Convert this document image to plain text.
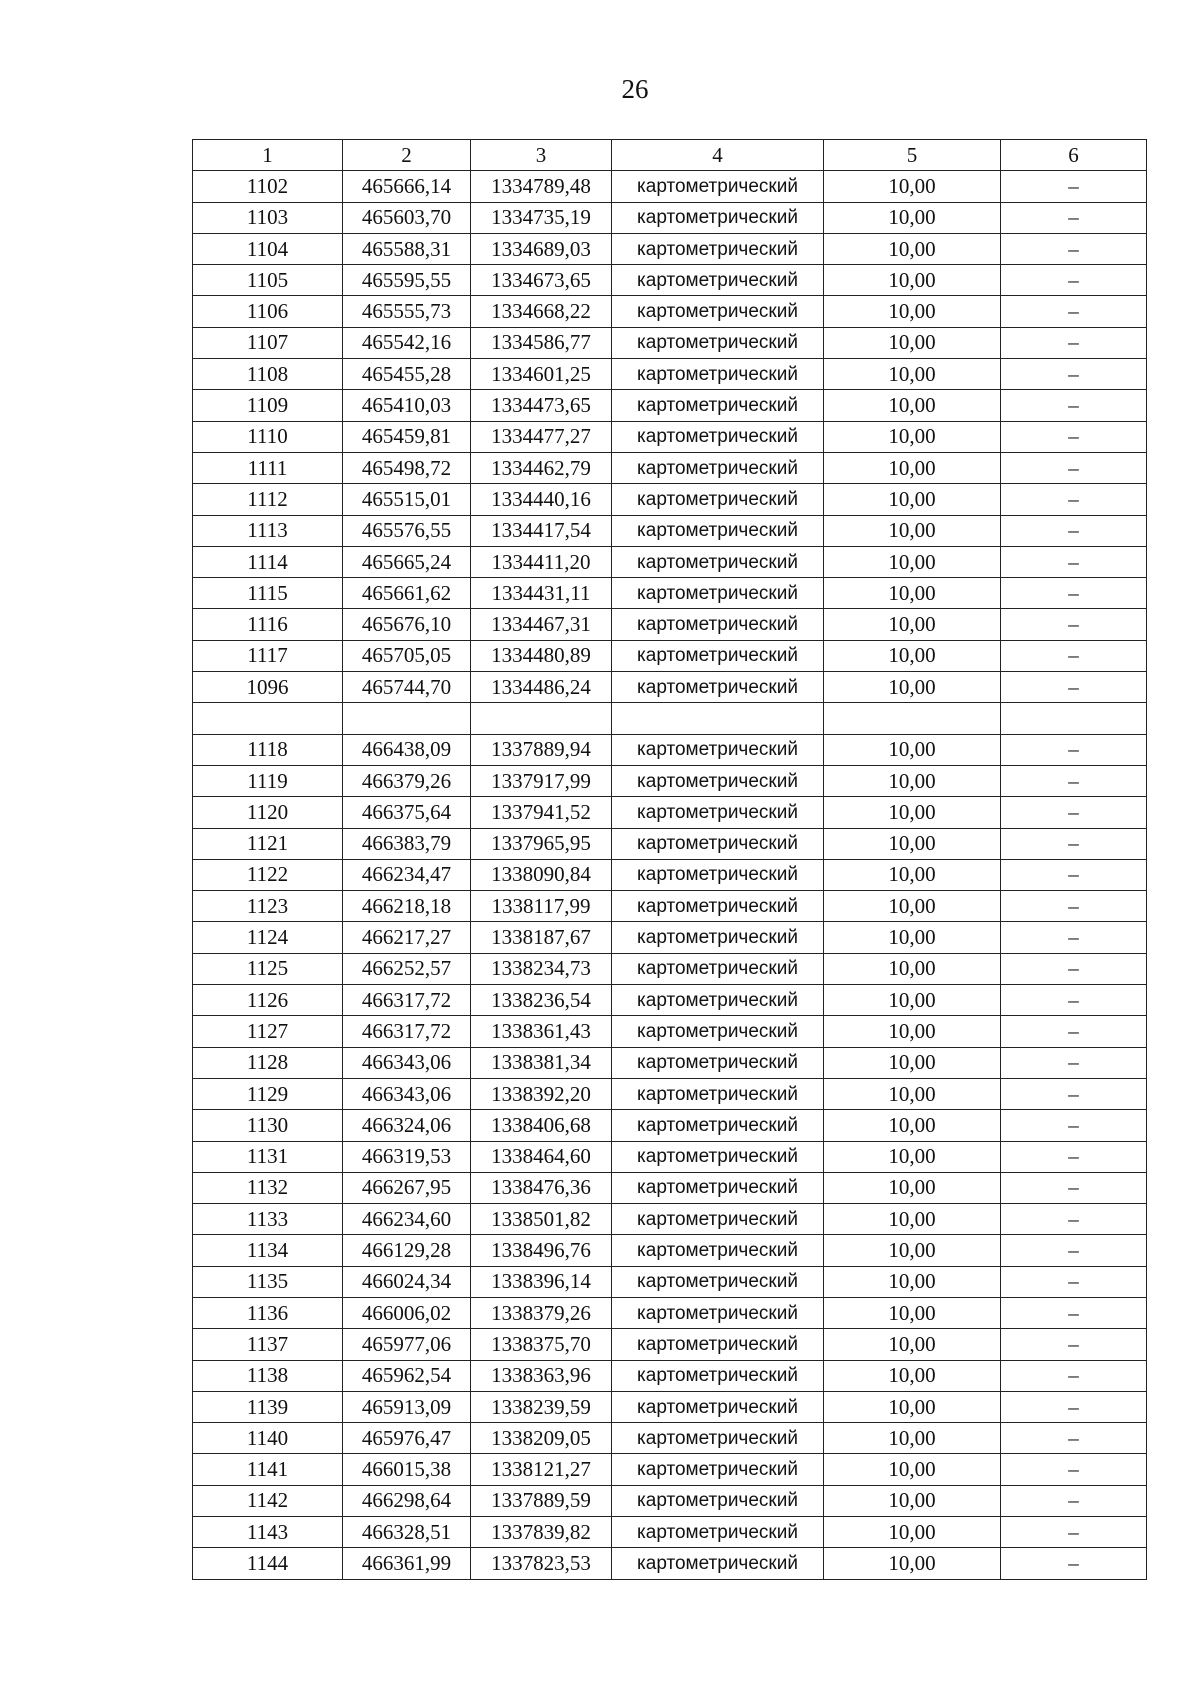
26
1	2	3	4	5	6
1102	465666,14	1334789,48	картометрический	10,00	–
1103	465603,70	1334735,19	картометрический	10,00	–
1104	465588,31	1334689,03	картометрический	10,00	–
1105	465595,55	1334673,65	картометрический	10,00	–
1106	465555,73	1334668,22	картометрический	10,00	–
1107	465542,16	1334586,77	картометрический	10,00	–
1108	465455,28	1334601,25	картометрический	10,00	–
1109	465410,03	1334473,65	картометрический	10,00	–
1110	465459,81	1334477,27	картометрический	10,00	–
1111	465498,72	1334462,79	картометрический	10,00	–
1112	465515,01	1334440,16	картометрический	10,00	–
1113	465576,55	1334417,54	картометрический	10,00	–
1114	465665,24	1334411,20	картометрический	10,00	–
1115	465661,62	1334431,11	картометрический	10,00	–
1116	465676,10	1334467,31	картометрический	10,00	–
1117	465705,05	1334480,89	картометрический	10,00	–
1096	465744,70	1334486,24	картометрический	10,00	–

1118	466438,09	1337889,94	картометрический	10,00	–
1119	466379,26	1337917,99	картометрический	10,00	–
1120	466375,64	1337941,52	картометрический	10,00	–
1121	466383,79	1337965,95	картометрический	10,00	–
1122	466234,47	1338090,84	картометрический	10,00	–
1123	466218,18	1338117,99	картометрический	10,00	–
1124	466217,27	1338187,67	картометрический	10,00	–
1125	466252,57	1338234,73	картометрический	10,00	–
1126	466317,72	1338236,54	картометрический	10,00	–
1127	466317,72	1338361,43	картометрический	10,00	–
1128	466343,06	1338381,34	картометрический	10,00	–
1129	466343,06	1338392,20	картометрический	10,00	–
1130	466324,06	1338406,68	картометрический	10,00	–
1131	466319,53	1338464,60	картометрический	10,00	–
1132	466267,95	1338476,36	картометрический	10,00	–
1133	466234,60	1338501,82	картометрический	10,00	–
1134	466129,28	1338496,76	картометрический	10,00	–
1135	466024,34	1338396,14	картометрический	10,00	–
1136	466006,02	1338379,26	картометрический	10,00	–
1137	465977,06	1338375,70	картометрический	10,00	–
1138	465962,54	1338363,96	картометрический	10,00	–
1139	465913,09	1338239,59	картометрический	10,00	–
1140	465976,47	1338209,05	картометрический	10,00	–
1141	466015,38	1338121,27	картометрический	10,00	–
1142	466298,64	1337889,59	картометрический	10,00	–
1143	466328,51	1337839,82	картометрический	10,00	–
1144	466361,99	1337823,53	картометрический	10,00	–
